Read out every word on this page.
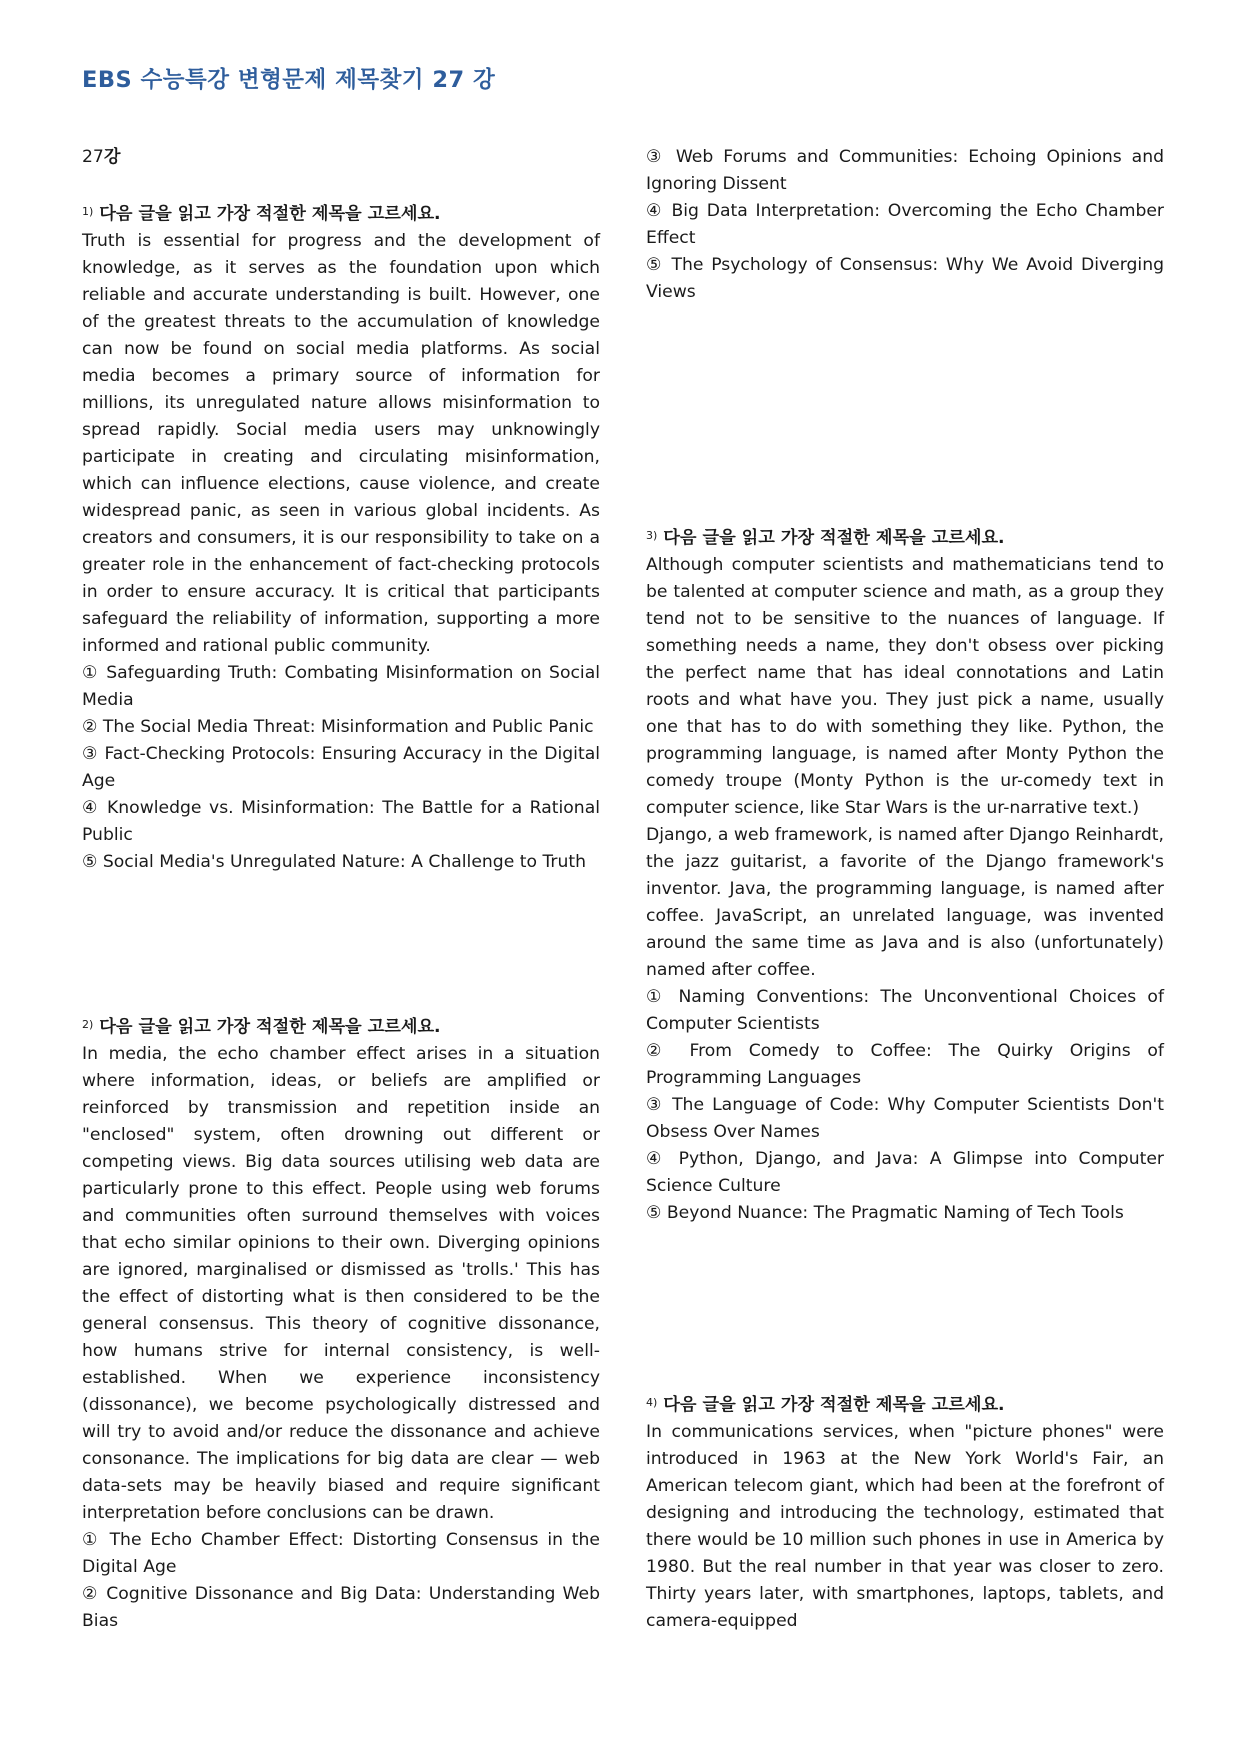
EBS 수능특강 변형문제 제목찾기 27 강
27강
$^{1)}$ 다음 글을 읽고 가장 적절한 제목을 고르세요.

Truth is essential for progress and the development of knowledge, as it serves as the foundation upon which reliable and accurate understanding is built. However, one of the greatest threats to the accumulation of knowledge can now be found on social media platforms. As social media becomes a primary source of information for millions, its unregulated nature allows misinformation to spread rapidly. Social media users may unknowingly participate in creating and circulating misinformation, which can influence elections, cause violence, and create widespread panic, as seen in various global incidents. As creators and consumers, it is our responsibility to take on a greater role in the enhancement of fact-checking protocols in order to ensure accuracy. It is critical that participants safeguard the reliability of information, supporting a more informed and rational public community.

① Safeguarding Truth: Combating Misinformation on Social Media

② The Social Media Threat: Misinformation and Public Panic

③ Fact-Checking Protocols: Ensuring Accuracy in the Digital Age

④ Knowledge vs. Misinformation: The Battle for a Rational Public

⑤ Social Media's Unregulated Nature: A Challenge to Truth

$^{2)}$ 다음 글을 읽고 가장 적절한 제목을 고르세요.

In media, the echo chamber effect arises in a situation where information, ideas, or beliefs are amplified or reinforced by transmission and repetition inside an "enclosed" system, often drowning out different or competing views. Big data sources utilising web data are particularly prone to this effect. People using web forums and communities often surround themselves with voices that echo similar opinions to their own. Diverging opinions are ignored, marginalised or dismissed as 'trolls.' This has the effect of distorting what is then considered to be the general consensus. This theory of cognitive dissonance, how humans strive for internal consistency, is well-established. When we experience inconsistency (dissonance), we become psychologically distressed and will try to avoid and/or reduce the dissonance and achieve consonance. The implications for big data are clear — web data-sets may be heavily biased and require significant interpretation before conclusions can be drawn.

① The Echo Chamber Effect: Distorting Consensus in the Digital Age

② Cognitive Dissonance and Big Data: Understanding Web Bias

③ Web Forums and Communities: Echoing Opinions and Ignoring Dissent

④ Big Data Interpretation: Overcoming the Echo Chamber Effect

⑤ The Psychology of Consensus: Why We Avoid Diverging Views

$^{3)}$ 다음 글을 읽고 가장 적절한 제목을 고르세요.

Although computer scientists and mathematicians tend to be talented at computer science and math, as a group they tend not to be sensitive to the nuances of language. If something needs a name, they don't obsess over picking the perfect name that has ideal connotations and Latin roots and what have you. They just pick a name, usually one that has to do with something they like. Python, the programming language, is named after Monty Python the comedy troupe (Monty Python is the ur-comedy text in computer science, like Star Wars is the ur-narrative text.)

Django, a web framework, is named after Django Reinhardt, the jazz guitarist, a favorite of the Django framework's inventor. Java, the programming language, is named after coffee. JavaScript, an unrelated language, was invented around the same time as Java and is also (unfortunately) named after coffee.

① Naming Conventions: The Unconventional Choices of Computer Scientists

② From Comedy to Coffee: The Quirky Origins of Programming Languages

③ The Language of Code: Why Computer Scientists Don't Obsess Over Names

④ Python, Django, and Java: A Glimpse into Computer Science Culture

⑤ Beyond Nuance: The Pragmatic Naming of Tech Tools

$^{4)}$ 다음 글을 읽고 가장 적절한 제목을 고르세요.

In communications services, when "picture phones" were introduced in 1963 at the New York World's Fair, an American telecom giant, which had been at the forefront of designing and introducing the technology, estimated that there would be 10 million such phones in use in America by 1980. But the real number in that year was closer to zero. Thirty years later, with smartphones, laptops, tablets, and camera-equipped
